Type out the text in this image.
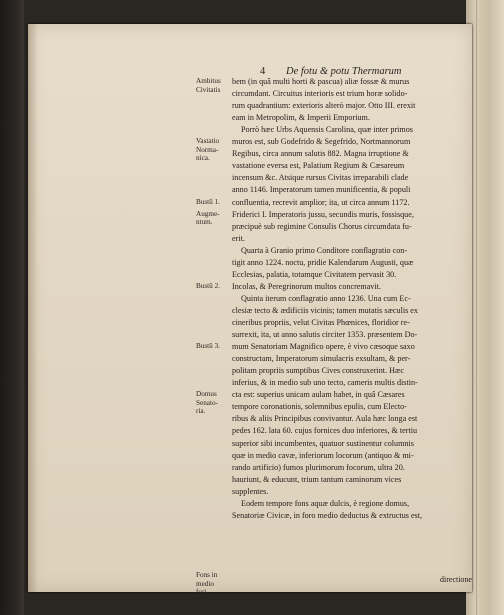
4 De fotu & potu Thermarum
Ambitus
Civitatis
Vastatio
Norma-
nica.
Bustū 1.
Augme-
ntum.
Bustū 2.
Bustū 3.
Domus
Senato-
ria.
Fons in
medio
fori.
bem (in quâ multi horti & pascua) aliæ fossæ & murus
circumdant. Circuitus interioris est trium horæ solido-
rum quadrantium: exterioris alterò major. Otto III. erexit
eam in Metropolim, & Imperii Emporium.
Porrò hæc Urbs Aquensis Carolina, quæ inter primos
muros est, sub Godefrido & Segefrido, Nortmannorum
Regibus, circa annum salutis 882. Magna irruptione &
vastatione eversa est, Palatium Regium & Cæsareum
incensum &c. Atsique rursus Civitas irreparabili clade
anno 1146. Imperatorum tamen munificentia, & populi
confluentia, recrevit amplior; ita, ut circa annum 1172.
Friderici I. Imperatoris jussu, secundis muris, fossisque,
præcipuè sub regimine Consulis Chorus circumdata fu-
erit.
Quarta à Granio primo Conditore conflagratio con-
tigit anno 1224. noctu, pridie Kalendarum Augusti, quæ
Ecclesias, palatia, totamque Civitatem pervasit 30.
Incolas, & Peregrinorum multos concremavit.
Quinta iterum conflagratio anno 1236. Una cum Ec-
clesiæ tecto & ædificiis vicinis; tamen mutatis sæculis ex
cineribus propriis, velut Civitas Phœnices, floridior re-
surrexit, ita, ut anno salutis circiter 1353. præsentem Do-
mum Senatoriam Magnifico opere, è vivo cæsoque saxo
constructam, Imperatorum simulacris exsultam, & per-
politam propriis sumptibus Cives construxerint. Hæc
inferius, & in medio sub uno tecto, cameris multis distin-
cta est: superius unicam aulam habet, in quâ Cæsares
tempore coronationis, solemnibus epulis, cum Electo-
ribus & aliis Principibus convivantur. Aula hæc longa est
pedes 162. lata 60. cujus fornices duo inferiores, & tertiu
superior sibi incumbentes, quatuor sustinentur columnis
quæ in medio cavæ, inferiorum locorum (antiquo & mi-
rando artificio) fumos plurimorum focorum, ultra 20.
hauriunt, & educunt, trium tantum caminorum vices
supplentes.
Eodem tempore fons aquæ dulcis, è regione domus,
Senatoriæ Civicæ, in foro medio deductus & extructus est,
directione
